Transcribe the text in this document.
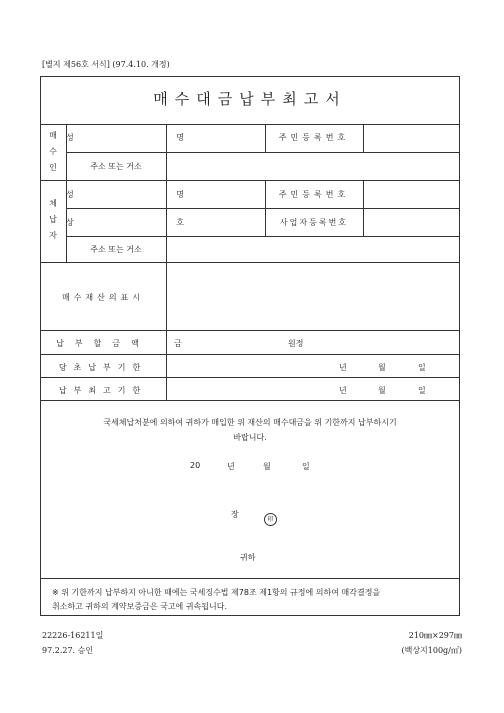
[별지 제56호 서식] (97.4.10. 개정)
매수대금납부최고서
매
수
인
성 명	주민등록번호
주소 또는 거소
체
납
자
성 명	주민등록번호
상 호	사업자등록번호
주소 또는 거소
매수재산의표시
납부할금액	금	원정
당초납부기한	년	월	일
납부최고기한	년	월	일
국세체납처분에 의하여 귀하가 매입한 위 재산의 매수대금을 위 기한까지 납부하시기
바랍니다.
20	년	월	일
장
印
귀하
※ 위 기한까지 납부하지 아니한 때에는 국세징수법 제78조 제1항의 규정에 의하여 매각결정을
취소하고 귀하의 계약보증금은 국고에 귀속됩니다.
22226-16211일
97.2.27. 승인
210㎜×297㎜
(백상지100g/㎡)
